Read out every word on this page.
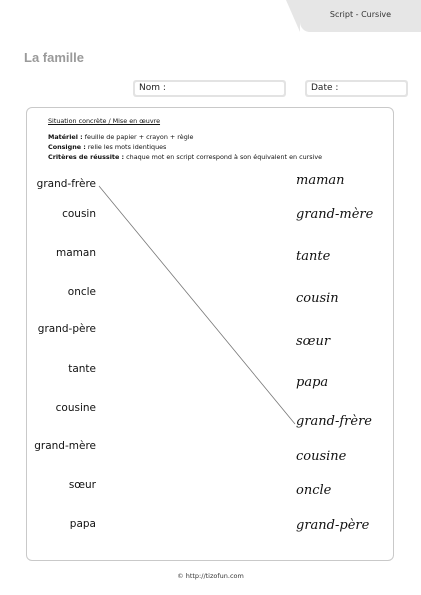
Script - Cursive
La famille
Nom :	Date :
Situation concrète / Mise en œuvre
Matériel : feuille de papier + crayon + règle
Consigne : relie les mots identiques
Critères de réussite : chaque mot en script correspond à son équivalent en cursive
grand-frère
cousin
maman
oncle
grand-père
tante
cousine
grand-mère
sœur
papa
maman
grand-mère
tante
cousin
sœur
papa
grand-frère
cousine
oncle
grand-père
© http://tizofun.com
